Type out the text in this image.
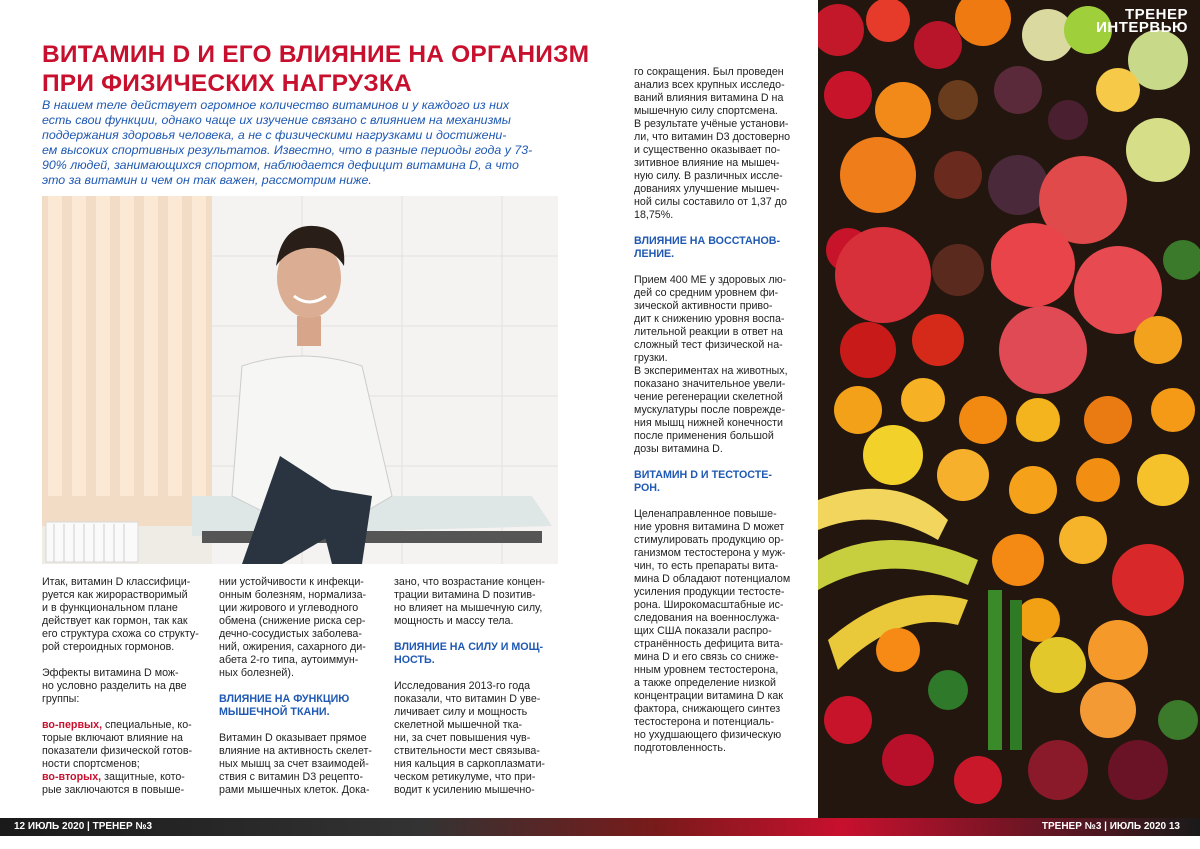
ВИТАМИН D И ЕГО ВЛИЯНИЕ НА ОРГАНИЗМ
ПРИ ФИЗИЧЕСКИХ НАГРУЗКА

В нашем теле действует огромное количество витаминов и у каждого из них
есть свои функции, однако чаще их изучение связано с влиянием на механизмы
поддержания здоровья человека, а не с физическими нагрузками и достижени-
ем высоких спортивных результатов. Известно, что в разные периоды года у 73-
90% людей, занимающихся спортом, наблюдается дефицит витамина D, а что
это за витамин и чем он так важен, рассмотрим ниже.

Итак, витамин D классифици-
руется как жирорастворимый
и в функциональном плане
действует как гормон, так как
его структура схожа со структу-
рой стероидных гормонов.
Эффекты витамина D мож-
но условно разделить на две
группы:
во-первых, специальные, ко-
торые включают влияние на
показатели физической готов-
ности спортсменов;
во-вторых, защитные, кото-
рые заключаются в повыше-
нии устойчивости к инфекци-
онным болезням, нормализа-
ции жирового и углеводного
обмена (снижение риска сер-
дечно-сосудистых заболева-
ний, ожирения, сахарного ди-
абета 2-го типа, аутоиммун-
ных болезней).
ВЛИЯНИЕ НА ФУНКЦИЮ
МЫШЕЧНОЙ ТКАНИ.
Витамин D оказывает прямое
влияние на активность скелет-
ных мышц за счет взаимодей-
ствия с витамин D3 рецепто-
рами мышечных клеток. Дока-
зано, что возрастание концен-
трации витамина D позитив-
но влияет на мышечную силу,
мощность и массу тела.
ВЛИЯНИЕ НА СИЛУ И МОЩ-
НОСТЬ.
Исследования 2013-го года
показали, что витамин D уве-
личивает силу и мощность
скелетной мышечной тка-
ни, за счет повышения чув-
ствительности мест связыва-
ния кальция в саркоплазмати-
ческом ретикулуме, что при-
водит к усилению мышечно-
го сокращения. Был проведен
анализ всех крупных исследо-
ваний влияния витамина D на
мышечную силу спортсмена.
В результате учёные установи-
ли, что витамин D3 достоверно
и существенно оказывает по-
зитивное влияние на мышеч-
ную силу. В различных иссле-
дованиях улучшение мышеч-
ной силы составило от 1,37 до
18,75%.
ВЛИЯНИЕ НА ВОССТАНОВ-
ЛЕНИЕ.
Прием 400 МЕ у здоровых лю-
дей со средним уровнем фи-
зической активности приво-
дит к снижению уровня воспа-
лительной реакции в ответ на
сложный тест физической на-
грузки.
В экспериментах на животных,
показано значительное увели-
чение регенерации скелетной
мускулатуры после поврежде-
ния мышц нижней конечности
после применения большой
дозы витамина D.
ВИТАМИН D И ТЕСТОСТЕ-
РОН.
Целенаправленное повыше-
ние уровня витамина D может
стимулировать продукцию ор-
ганизмом тестостерона у муж-
чин, то есть препараты вита-
мина D обладают потенциалом
усиления продукции тестосте-
рона. Широкомасштабные ис-
следования на военнослужа-
щих США показали распро-
странённость дефицита вита-
мина D и его связь со сниже-
нным уровнем тестостерона,
а также определение низкой
концентрации витамина D как
фактора, снижающего синтез
тестостерона и потенциаль-
но ухудшающего физическую
подготовленность.
ТРЕНЕР
ИНТЕРВЬЮ
12 ИЮЛЬ 2020 | ТРЕНЕР №3	ТРЕНЕР №3 | ИЮЛЬ 2020 13
